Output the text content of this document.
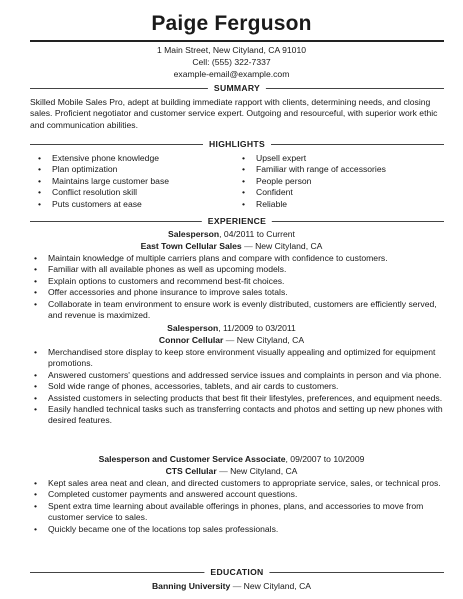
Paige Ferguson
1 Main Street, New Cityland, CA 91010
Cell: (555) 322-7337
example-email@example.com
SUMMARY

Skilled Mobile Sales Pro, adept at building immediate rapport with clients, determining needs, and closing sales. Proficient negotiator and customer service expert. Outgoing and resourceful, with superior work ethic and communication abilities.

HIGHLIGHTS
• Extensive phone knowledge
• Plan optimization
• Maintains large customer base
• Conflict resolution skill
• Puts customers at ease
• Upsell expert
• Familiar with range of accessories
• People person
• Confident
• Reliable
EXPERIENCE
Salesperson, 04/2011 to Current
East Town Cellular Sales — New Cityland, CA
• Maintain knowledge of multiple carriers plans and compare with confidence to customers.
• Familiar with all available phones as well as upcoming models.
• Explain options to customers and recommend best-fit choices.
• Offer accessories and phone insurance to improve sales totals.
• Collaborate in team environment to ensure work is evenly distributed, customers are efficiently served, and revenue is maximized.
Salesperson, 11/2009 to 03/2011
Connor Cellular — New Cityland, CA
• Merchandised store display to keep store environment visually appealing and optimized for equipment promotions.
• Answered customers' questions and addressed service issues and complaints in person and via phone.
• Sold wide range of phones, accessories, tablets, and air cards to customers.
• Assisted customers in selecting products that best fit their lifestyles, preferences, and equipment needs.
• Easily handled technical tasks such as transferring contacts and photos and setting up new phones with desired features.
Salesperson and Customer Service Associate, 09/2007 to 10/2009
CTS Cellular — New Cityland, CA
• Kept sales area neat and clean, and directed customers to appropriate service, sales, or technical pros.
• Completed customer payments and answered account questions.
• Spent extra time learning about available offerings in phones, plans, and accessories to move from customer service to sales.
• Quickly became one of the locations top sales professionals.
EDUCATION
Banning University — New Cityland, CA
